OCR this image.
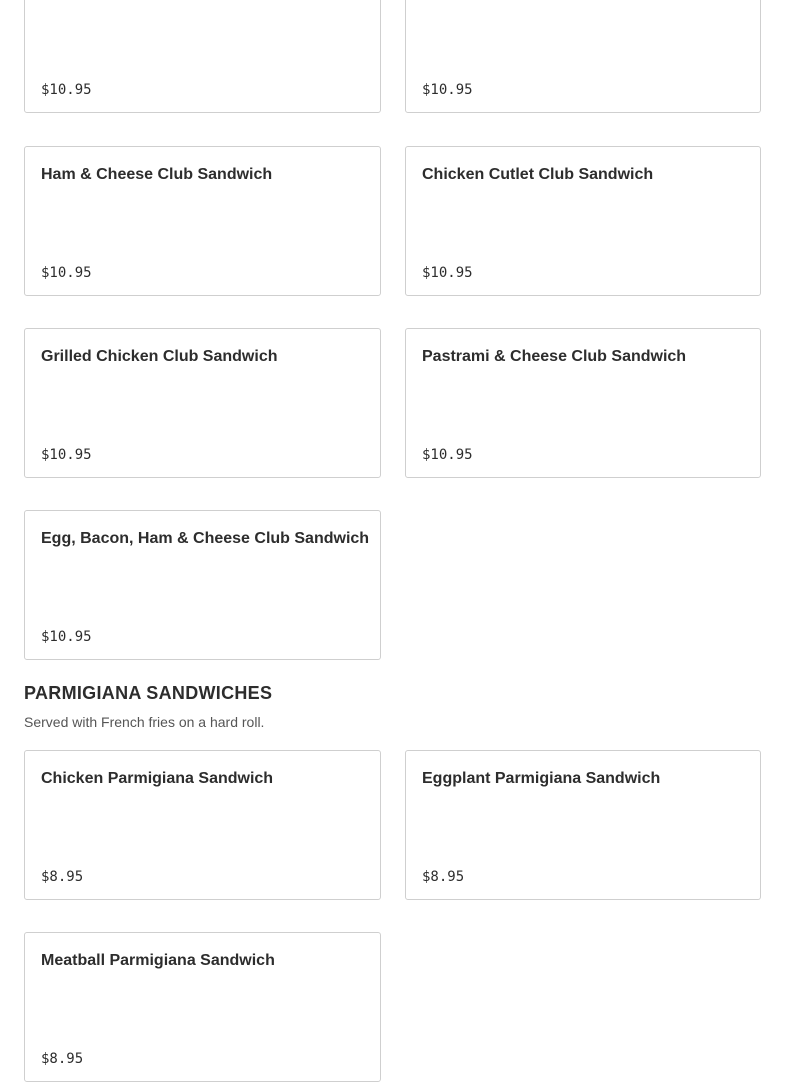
$10.95	$10.95
Ham & Cheese Club Sandwich
$10.95
Chicken Cutlet Club Sandwich
$10.95
Grilled Chicken Club Sandwich
$10.95
Pastrami & Cheese Club Sandwich
$10.95
Egg, Bacon, Ham & Cheese Club Sandwich
$10.95
PARMIGIANA SANDWICHES

Served with French fries on a hard roll.

Chicken Parmigiana Sandwich
$8.95
Eggplant Parmigiana Sandwich
$8.95
Meatball Parmigiana Sandwich
$8.95
